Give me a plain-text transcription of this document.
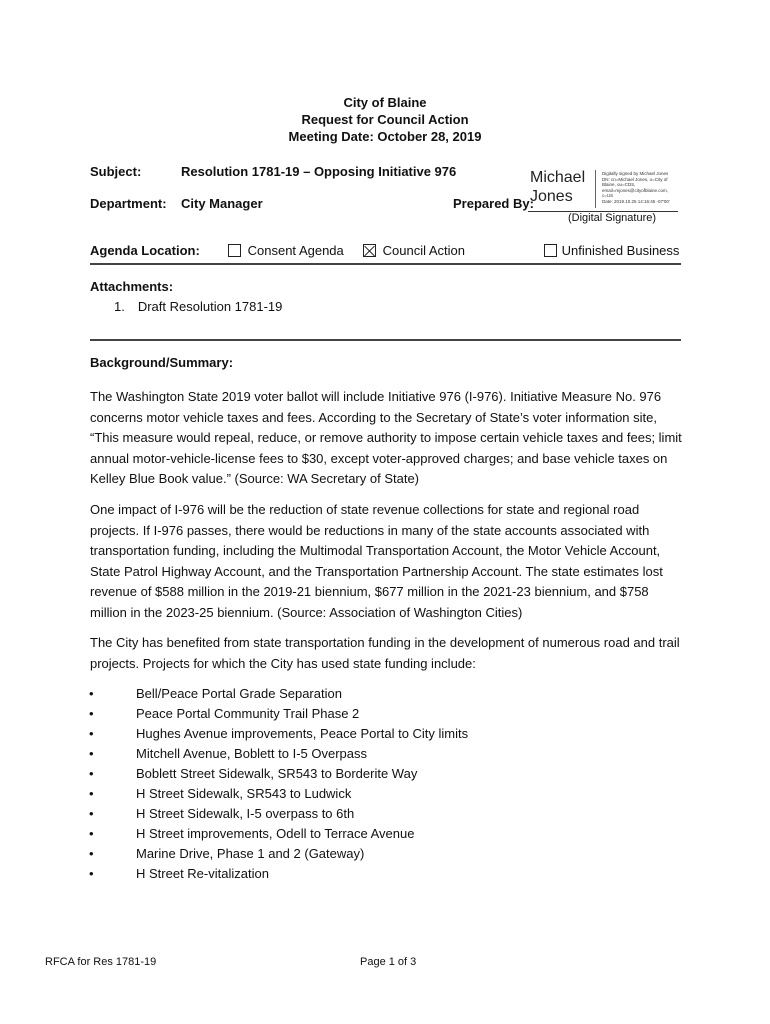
City of Blaine
Request for Council Action
Meeting Date: October 28, 2019
Subject:	Resolution 1781-19 – Opposing Initiative 976
Department: City Manager	Prepared By:
Michael
Jones
Digitally signed by Michael Jones
DN: cn=Michael Jones, o=City of
Blaine, ou=CDS,
email=mjones@cityofblaine.com,
c=US
Date: 2019.10.25 14:16:45 -07'00'
(Digital Signature)
Agenda Location:	Consent Agenda	Council Action	Unfinished Business
Attachments:
1. Draft Resolution 1781-19
Background/Summary:
The Washington State 2019 voter ballot will include Initiative 976 (I-976). Initiative Measure No. 976
concerns motor vehicle taxes and fees. According to the Secretary of State’s voter information site,
“This measure would repeal, reduce, or remove authority to impose certain vehicle taxes and fees; limit
annual motor-vehicle-license fees to $30, except voter-approved charges; and base vehicle taxes on
Kelley Blue Book value.” (Source: WA Secretary of State)
One impact of I-976 will be the reduction of state revenue collections for state and regional road
projects. If I-976 passes, there would be reductions in many of the state accounts associated with
transportation funding, including the Multimodal Transportation Account, the Motor Vehicle Account,
State Patrol Highway Account, and the Transportation Partnership Account. The state estimates lost
revenue of $588 million in the 2019-21 biennium, $677 million in the 2021-23 biennium, and $758
million in the 2023-25 biennium. (Source: Association of Washington Cities)
The City has benefited from state transportation funding in the development of numerous road and trail
projects. Projects for which the City has used state funding include:
•	Bell/Peace Portal Grade Separation
•	Peace Portal Community Trail Phase 2
•	Hughes Avenue improvements, Peace Portal to City limits
•	Mitchell Avenue, Boblett to I-5 Overpass
•	Boblett Street Sidewalk, SR543 to Borderite Way
•	H Street Sidewalk, SR543 to Ludwick
•	H Street Sidewalk, I-5 overpass to 6th
•	H Street improvements, Odell to Terrace Avenue
•	Marine Drive, Phase 1 and 2 (Gateway)
•	H Street Re-vitalization
RFCA for Res 1781-19	Page 1 of 3
